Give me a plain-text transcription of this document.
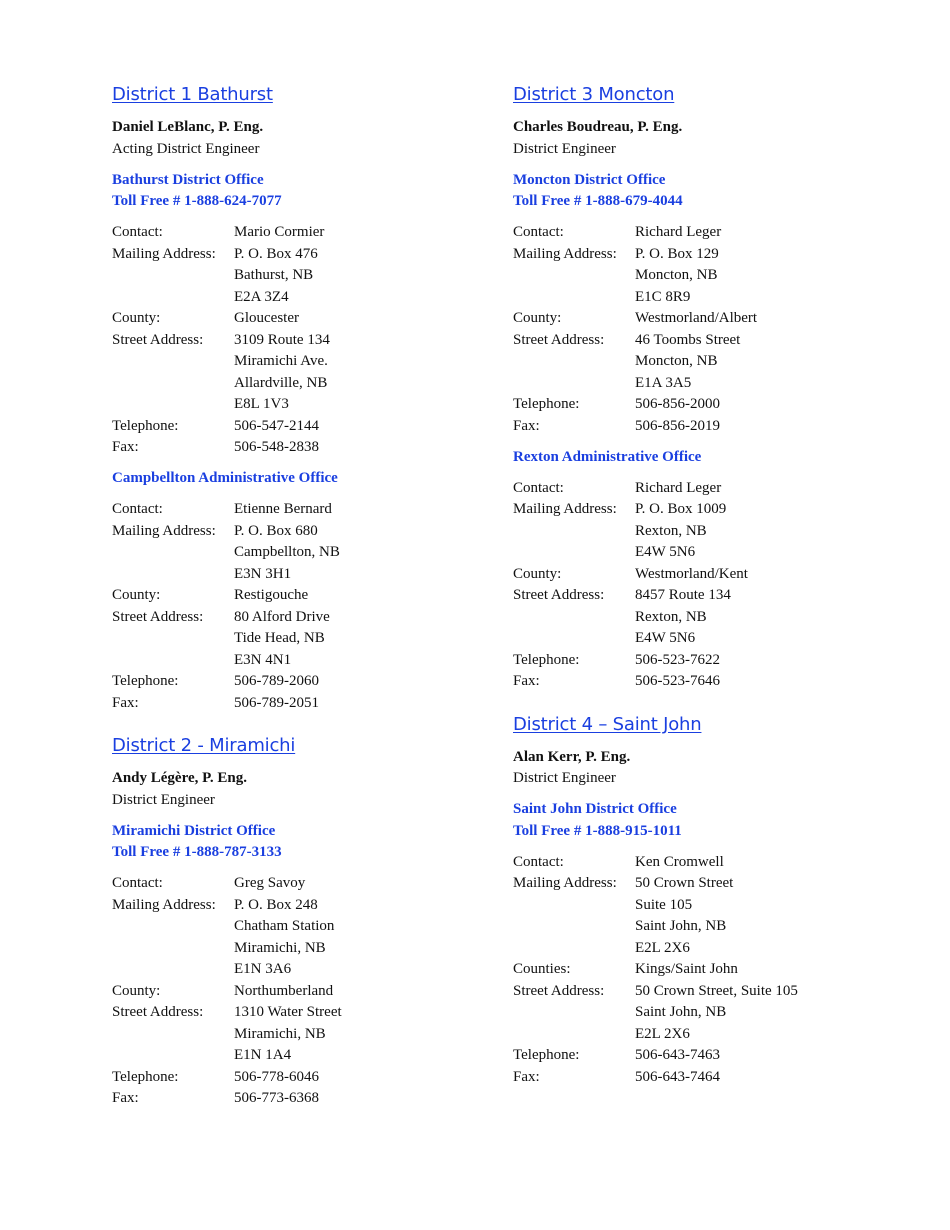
District 1 Bathurst
Daniel LeBlanc, P. Eng.
Acting District Engineer
Bathurst District Office
Toll Free # 1-888-624-7077
Contact:	Mario Cormier
Mailing Address:	P. O. Box 476
Bathurst, NB
E2A 3Z4
County:	Gloucester
Street Address:	3109 Route 134
Miramichi Ave.
Allardville, NB
E8L 1V3
Telephone:	506-547-2144
Fax:	506-548-2838
Campbellton Administrative Office
Contact:	Etienne Bernard
Mailing Address:	P. O. Box 680
Campbellton, NB
E3N 3H1
County:	Restigouche
Street Address:	80 Alford Drive
Tide Head, NB
E3N 4N1
Telephone:	506-789-2060
Fax:	506-789-2051
District 2 - Miramichi
Andy Légère, P. Eng.
District Engineer
Miramichi District Office
Toll Free # 1-888-787-3133
Contact:	Greg Savoy
Mailing Address:	P. O. Box 248
Chatham Station
Miramichi, NB
E1N 3A6
County:	Northumberland
Street Address:	1310 Water Street
Miramichi, NB
E1N 1A4
Telephone:	506-778-6046
Fax:	506-773-6368
District 3 Moncton
Charles Boudreau, P. Eng.
District Engineer
Moncton District Office
Toll Free # 1-888-679-4044
Contact:	Richard Leger
Mailing Address:	P. O. Box 129
Moncton, NB
E1C 8R9
County:	Westmorland/Albert
Street Address:	46 Toombs Street
Moncton, NB
E1A 3A5
Telephone:	506-856-2000
Fax:	506-856-2019
Rexton Administrative Office
Contact:	Richard Leger
Mailing Address:	P. O. Box 1009
Rexton, NB
E4W 5N6
County:	Westmorland/Kent
Street Address:	8457 Route 134
Rexton, NB
E4W 5N6
Telephone:	506-523-7622
Fax:	506-523-7646
District 4 – Saint John
Alan Kerr, P. Eng.
District Engineer
Saint John District Office
Toll Free # 1-888-915-1011
Contact:	Ken Cromwell
Mailing Address:	50 Crown Street
Suite 105
Saint John, NB
E2L 2X6
Counties:	Kings/Saint John
Street Address:	50 Crown Street, Suite 105
Saint John, NB
E2L 2X6
Telephone:	506-643-7463
Fax:	506-643-7464
